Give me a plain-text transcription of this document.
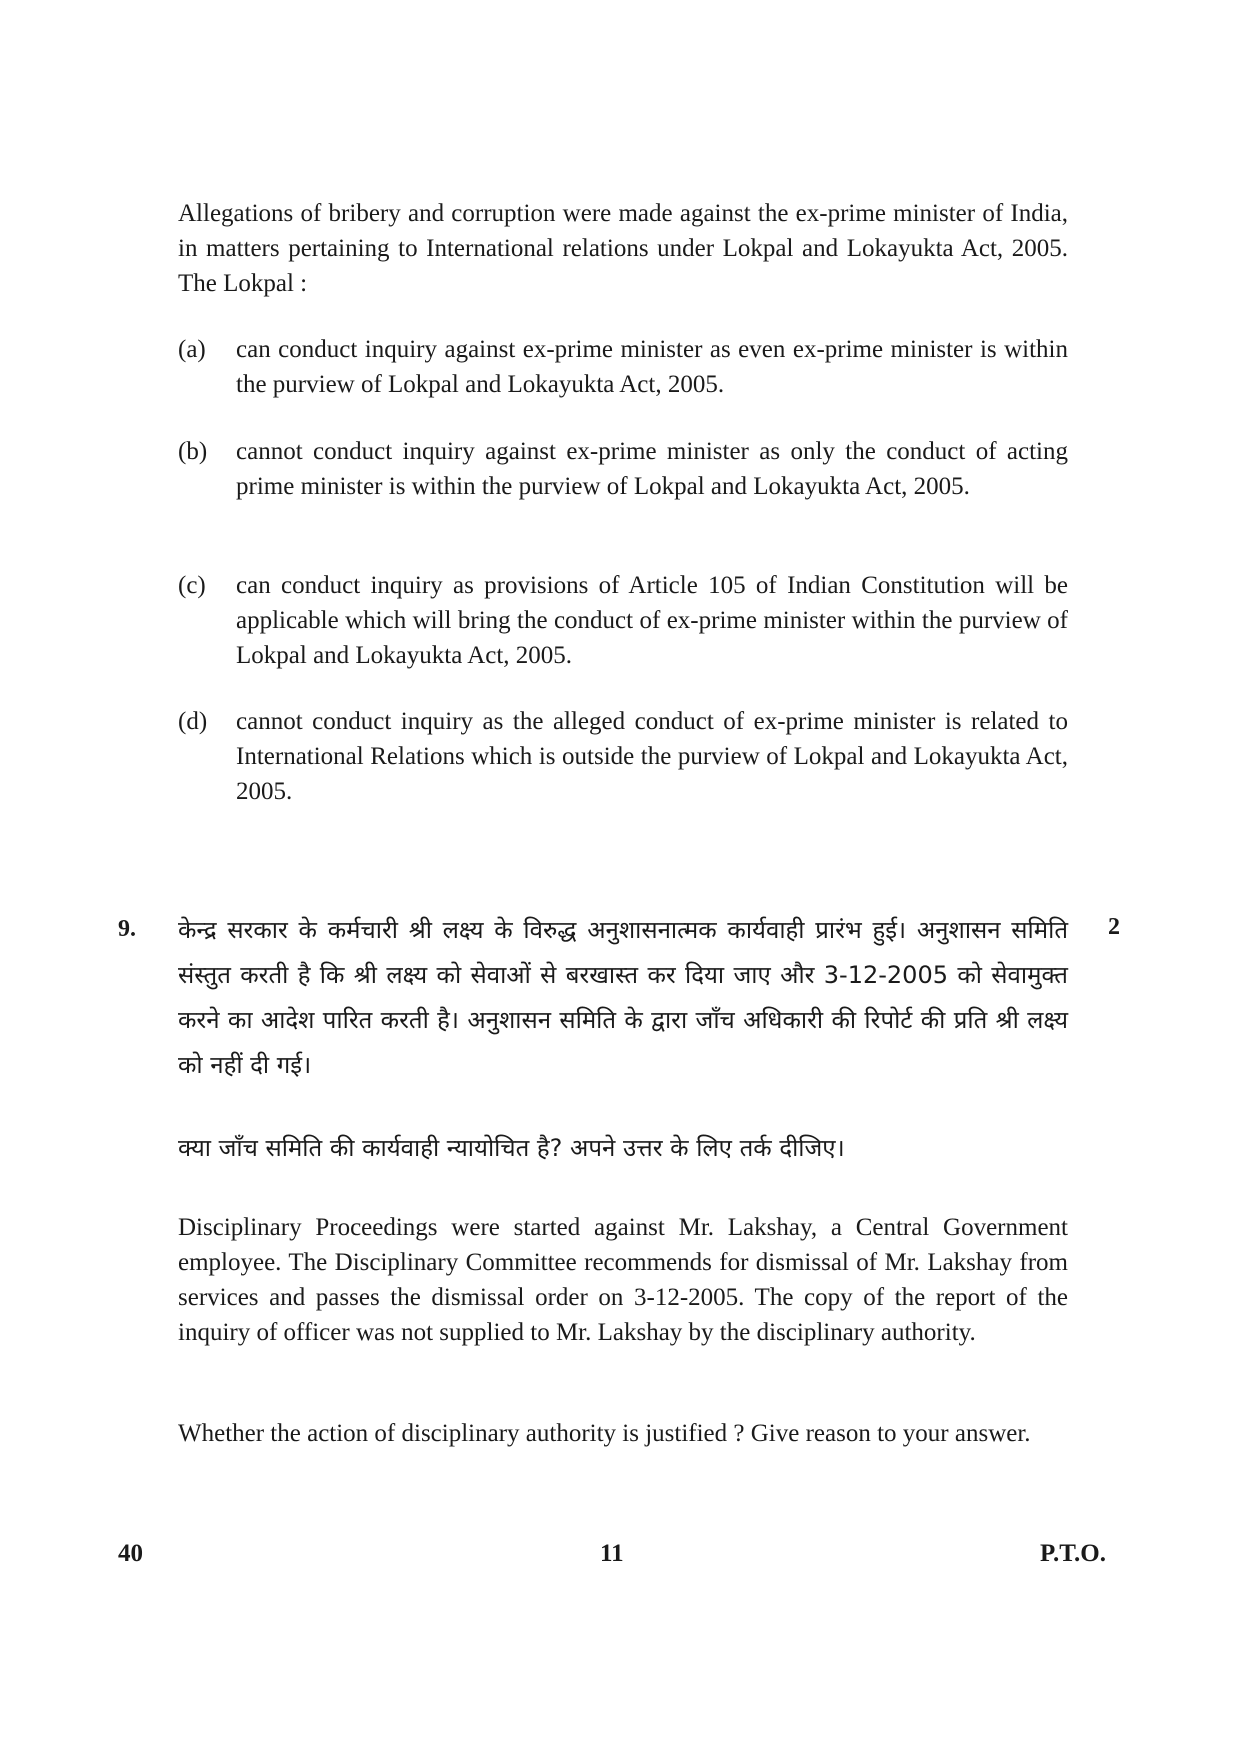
Allegations of bribery and corruption were made against the ex-prime minister of India, in matters pertaining to International relations under Lokpal and Lokayukta Act, 2005. The Lokpal :
(a)	can conduct inquiry against ex-prime minister as even ex-prime minister is within the purview of Lokpal and Lokayukta Act, 2005.
(b)	cannot conduct inquiry against ex-prime minister as only the conduct of acting prime minister is within the purview of Lokpal and Lokayukta Act, 2005.
(c)	can conduct inquiry as provisions of Article 105 of Indian Constitution will be applicable which will bring the conduct of ex-prime minister within the purview of Lokpal and Lokayukta Act, 2005.
(d)	cannot conduct inquiry as the alleged conduct of ex-prime minister is related to International Relations which is outside the purview of Lokpal and Lokayukta Act, 2005.
9.	2
केन्द्र सरकार के कर्मचारी श्री लक्ष्य के विरुद्ध अनुशासनात्मक कार्यवाही प्रारंभ हुई। अनुशासन समिति संस्तुत करती है कि श्री लक्ष्य को सेवाओं से बरखास्त कर दिया जाए और 3-12-2005 को सेवामुक्त करने का आदेश पारित करती है। अनुशासन समिति के द्वारा जाँच अधिकारी की रिपोर्ट की प्रति श्री लक्ष्य को नहीं दी गई।
क्या जाँच समिति की कार्यवाही न्यायोचित है? अपने उत्तर के लिए तर्क दीजिए।
Disciplinary Proceedings were started against Mr. Lakshay, a Central Government employee. The Disciplinary Committee recommends for dismissal of Mr. Lakshay from services and passes the dismissal order on 3-12-2005. The copy of the report of the inquiry of officer was not supplied to Mr. Lakshay by the disciplinary authority.
Whether the action of disciplinary authority is justified ? Give reason to your answer.
40	11	P.T.O.
